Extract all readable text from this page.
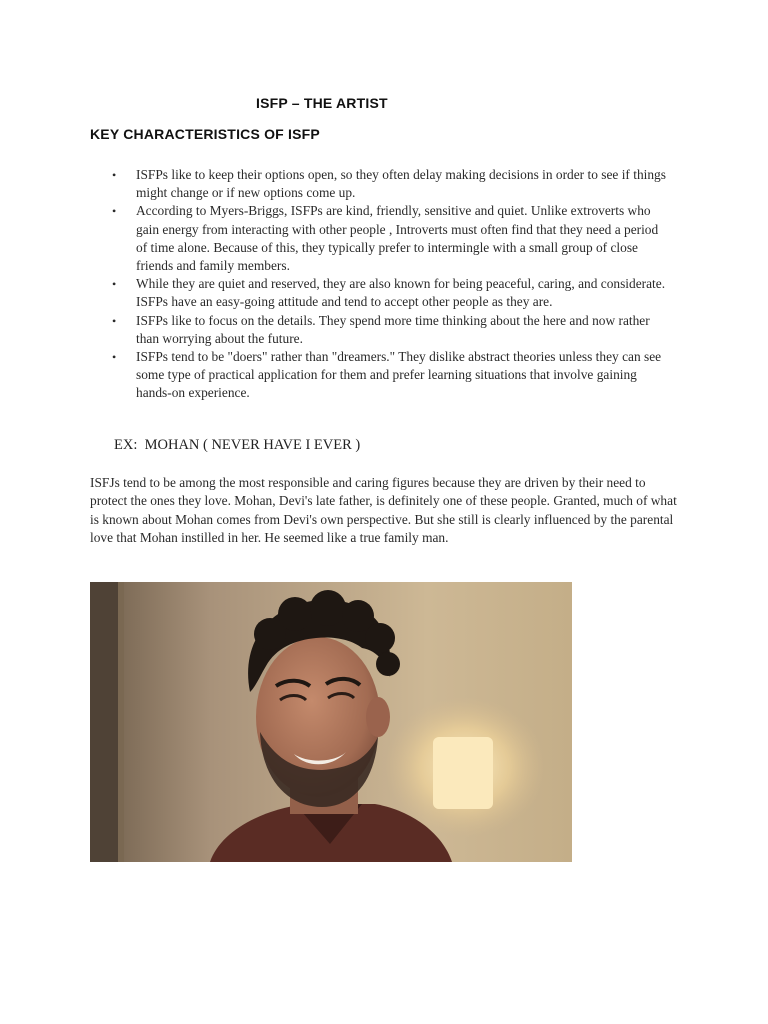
ISFP – THE ARTIST
KEY CHARACTERISTICS OF ISFP
• ISFPs like to keep their options open, so they often delay making decisions in order to see if things might change or if new options come up.
• According to Myers-Briggs, ISFPs are kind, friendly, sensitive and quiet. Unlike extroverts who gain energy from interacting with other people , Introverts must often find that they need a period of time alone. Because of this, they typically prefer to intermingle with a small group of close friends and family members.
• While they are quiet and reserved, they are also known for being peaceful, caring, and considerate. ISFPs have an easy-going attitude and tend to accept other people as they are.
• ISFPs like to focus on the details. They spend more time thinking about the here and now rather than worrying about the future.
• ISFPs tend to be "doers" rather than "dreamers." They dislike abstract theories unless they can see some type of practical application for them and prefer learning situations that involve gaining hands-on experience.
EX:  MOHAN ( NEVER HAVE I EVER )

ISFJs tend to be among the most responsible and caring figures because they are driven by their need to protect the ones they love. Mohan, Devi's late father, is definitely one of these people. Granted, much of what is known about Mohan comes from Devi's own perspective. But she still is clearly influenced by the parental love that Mohan instilled in her. He seemed like a true family man.
